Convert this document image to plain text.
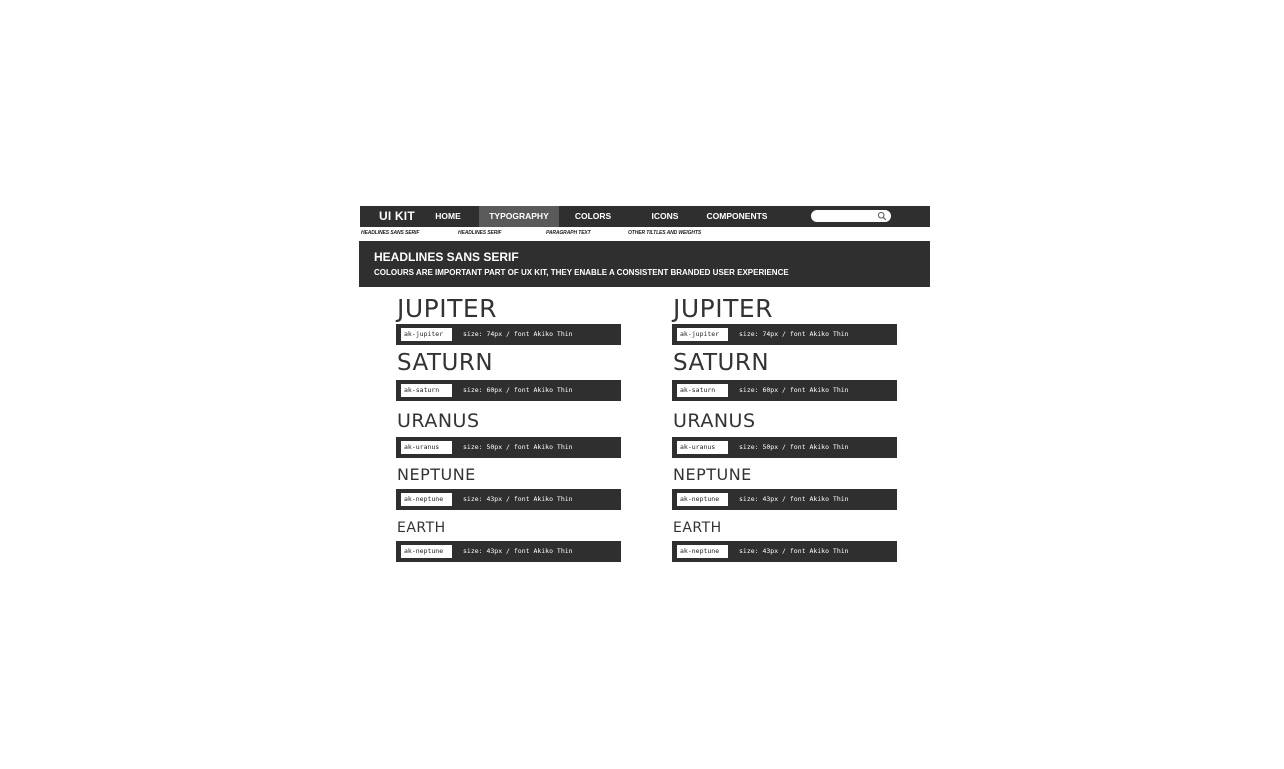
UI KIT	HOME	TYPOGRAPHY	COLORS	ICONS	COMPONENTS
HEADLINES SANS SERIF	HEADLINES SERIF	PARAGRAPH TEXT	OTHER TILTLES AND WEIGHTS
HEADLINES SANS SERIF
COLOURS ARE IMPORTANT PART OF UX KIT, THEY ENABLE A CONSISTENT BRANDED USER EXPERIENCE
JUPITER
ak-jupiter	size: 74px / font Akiko Thin
SATURN
ak-saturn	size: 60px / font Akiko Thin
URANUS
ak-uranus	size: 50px / font Akiko Thin
NEPTUNE
ak-neptune	size: 43px / font Akiko Thin
EARTH
ak-neptune	size: 43px / font Akiko Thin
JUPITER
ak-jupiter	size: 74px / font Akiko Thin
SATURN
ak-saturn	size: 60px / font Akiko Thin
URANUS
ak-uranus	size: 50px / font Akiko Thin
NEPTUNE
ak-neptune	size: 43px / font Akiko Thin
EARTH
ak-neptune	size: 43px / font Akiko Thin
